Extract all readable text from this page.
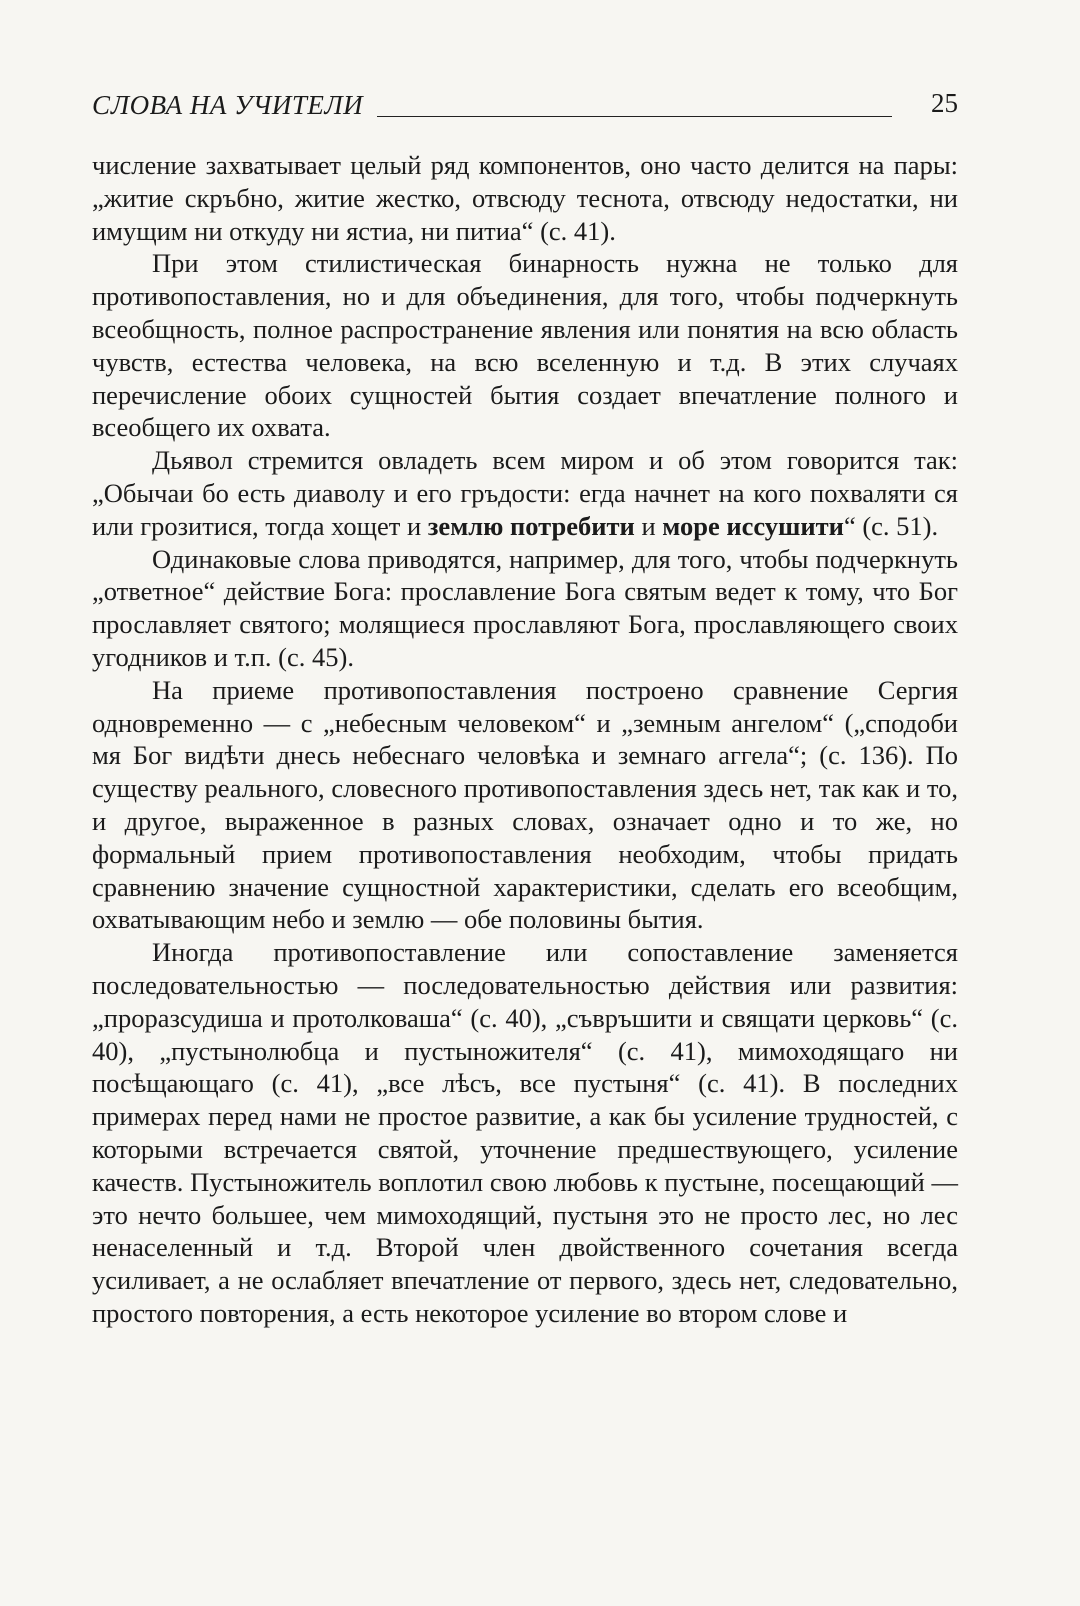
СЛОВА НА УЧИТЕЛИ	25

числение захватывает целый ряд компонентов, оно часто делится на пары: „житие скръбно, житие жестко, отвсюду теснота, отвсюду недостатки, ни имущим ни откуду ни ястиа, ни питиа“ (с. 41).

При этом стилистическая бинарность нужна не только для противопоставления, но и для объединения, для того, чтобы подчеркнуть всеобщность, полное распространение явления или понятия на всю область чувств, естества человека, на всю вселенную и т.д. В этих случаях перечисление обоих сущностей бытия создает впечатление полного и всеобщего их охвата.

Дьявол стремится овладеть всем миром и об этом говорится так: „Обычаи бо есть диаволу и его гръдости: егда начнет на кого похваляти ся или грозитися, тогда хощет и землю потребити и море иссушити“ (с. 51).

Одинаковые слова приводятся, например, для того, чтобы подчеркнуть „ответное“ действие Бога: прославление Бога святым ведет к тому, что Бог прославляет святого; молящиеся прославляют Бога, прославляющего своих угодников и т.п. (с. 45).

На приеме противопоставления построено сравнение Сергия одновременно — с „небесным человеком“ и „земным ангелом“ („сподоби мя Бог видѣти днесь небеснаго человѣка и земнаго аггела“; (с. 136). По существу реального, словесного противопоставления здесь нет, так как и то, и другое, выраженное в разных словах, означает одно и то же, но формальный прием противопоставления необходим, чтобы придать сравнению значение сущностной характеристики, сделать его всеобщим, охватывающим небо и землю — обе половины бытия.

Иногда противопоставление или сопоставление заменяется последовательностью — последовательностью действия или развития: „проразсудиша и протолковаша“ (с. 40), „съвръшити и свящати церковь“ (с. 40), „пустынолюбца и пустыножителя“ (с. 41), мимоходящаго ни посѣщающаго (с. 41), „все лѣсъ, все пустыня“ (с. 41). В последних примерах перед нами не простое развитие, а как бы усиление трудностей, с которыми встречается святой, уточнение предшествующего, усиление качеств. Пустыножитель воплотил свою любовь к пустыне, посещающий — это нечто большее, чем мимоходящий, пустыня это не просто лес, но лес ненаселенный и т.д. Второй член двойственного сочетания всегда усиливает, а не ослабляет впечатление от первого, здесь нет, следовательно, простого повторения, а есть некоторое усиление во втором слове и
